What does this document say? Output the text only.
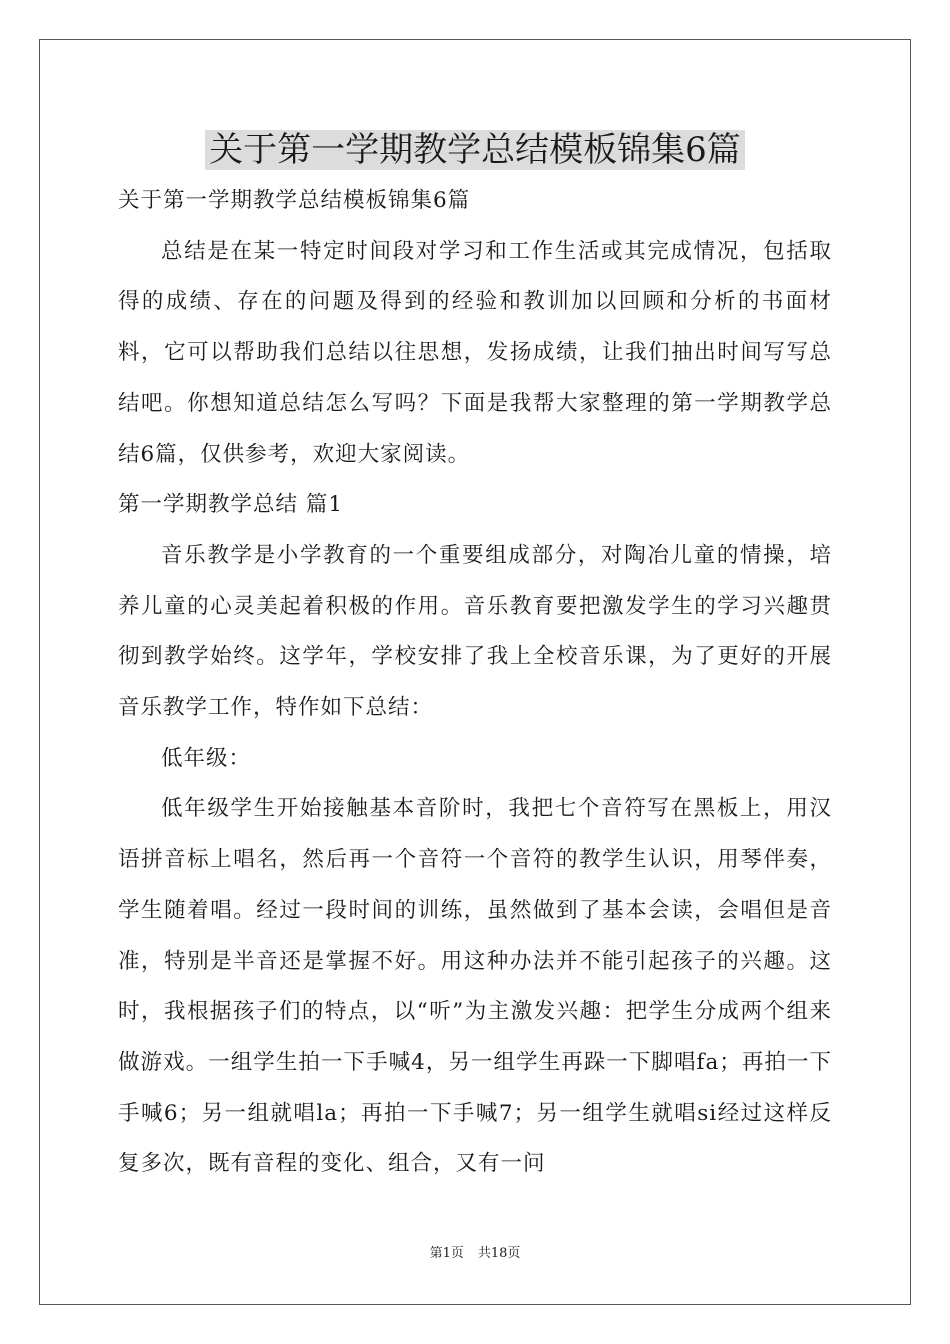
关于第一学期教学总结模板锦集6篇

关于第一学期教学总结模板锦集6篇

总结是在某一特定时间段对学习和工作生活或其完成情况，包括取得的成绩、存在的问题及得到的经验和教训加以回顾和分析的书面材料，它可以帮助我们总结以往思想，发扬成绩，让我们抽出时间写写总结吧。你想知道总结怎么写吗？下面是我帮大家整理的第一学期教学总结6篇，仅供参考，欢迎大家阅读。

第一学期教学总结 篇1

音乐教学是小学教育的一个重要组成部分，对陶冶儿童的情操，培养儿童的心灵美起着积极的作用。音乐教育要把激发学生的学习兴趣贯彻到教学始终。这学年，学校安排了我上全校音乐课，为了更好的开展音乐教学工作，特作如下总结：

低年级：

低年级学生开始接触基本音阶时，我把七个音符写在黑板上，用汉语拼音标上唱名，然后再一个音符一个音符的教学生认识，用琴伴奏，学生随着唱。经过一段时间的训练，虽然做到了基本会读，会唱但是音准，特别是半音还是掌握不好。用这种办法并不能引起孩子的兴趣。这时，我根据孩子们的特点，以“听”为主激发兴趣：把学生分成两个组来做游戏。一组学生拍一下手喊4，另一组学生再跺一下脚唱fa；再拍一下手喊6；另一组就唱la；再拍一下手喊7；另一组学生就唱si经过这样反复多次，既有音程的变化、组合，又有一问

第1页 共18页
